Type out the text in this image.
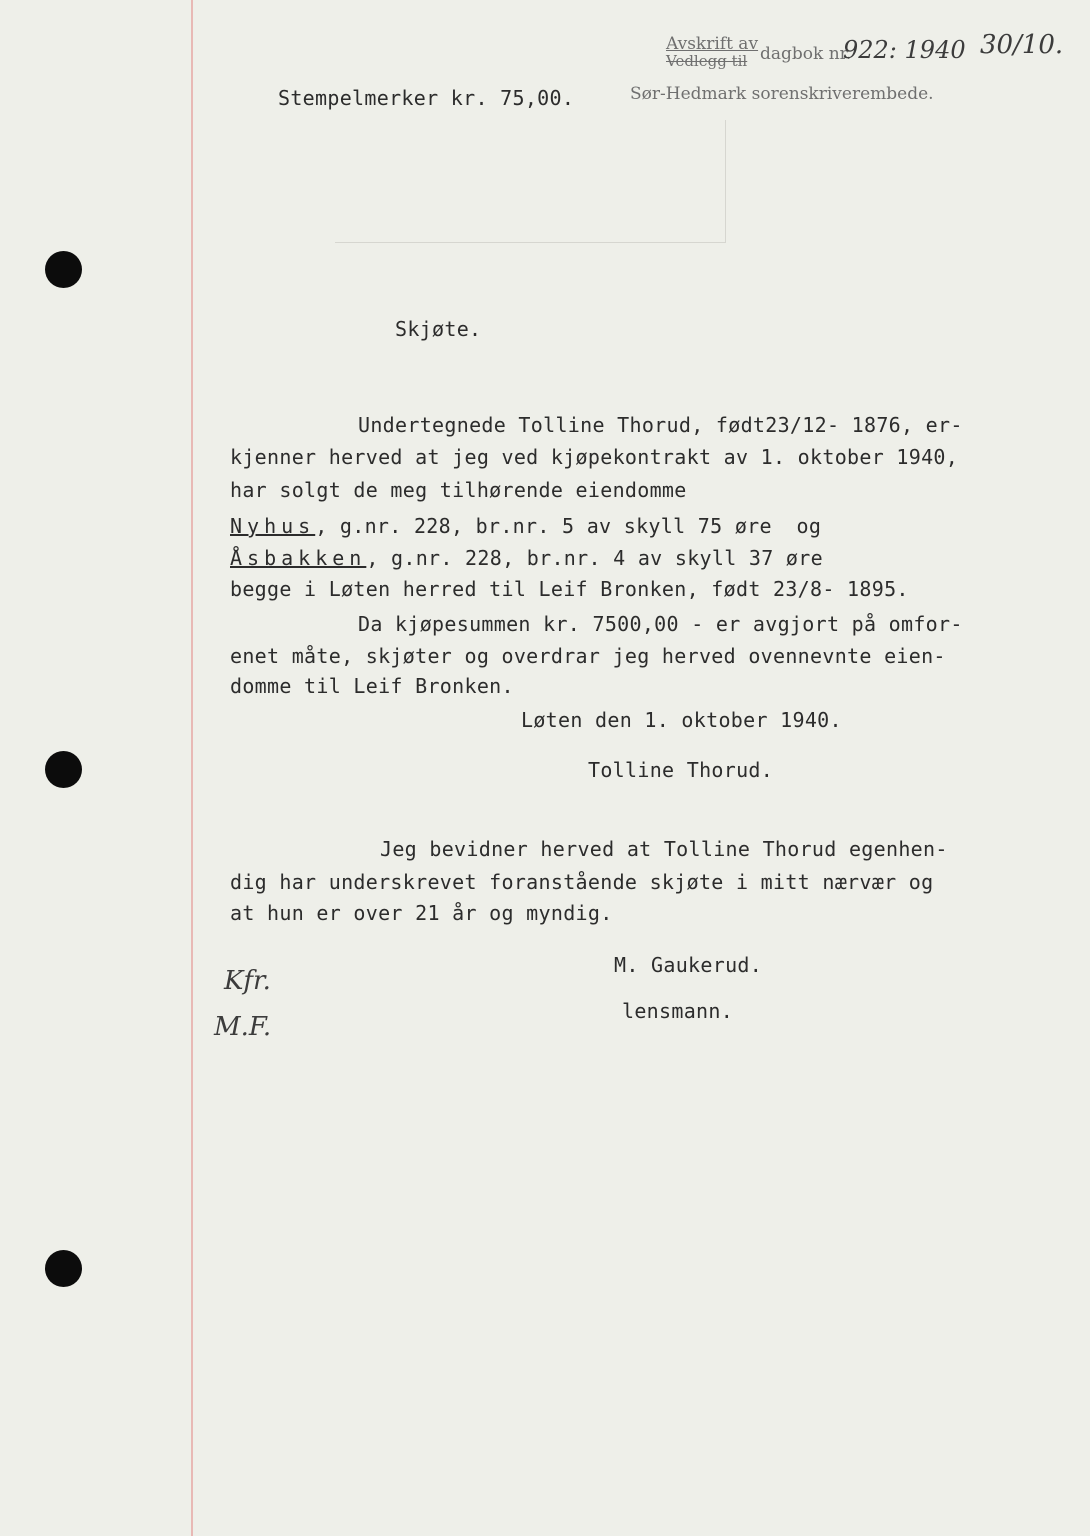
Avskrift av
Vedlegg til dagbok nr.
922: 1940 30/10.
Sør-Hedmark sorenskriverembede.
Stempelmerker kr. 75,00.
Skjøte.
Undertegnede Tolline Thorud, født23/12- 1876, er-
kjenner herved at jeg ved kjøpekontrakt av 1. oktober 1940,
har solgt de meg tilhørende eiendomme
Nyhus, g.nr. 228, br.nr. 5 av skyll 75 øre  og
Åsbakken, g.nr. 228, br.nr. 4 av skyll 37 øre
begge i Løten herred til Leif Bronken, født 23/8- 1895.
Da kjøpesummen kr. 7500,00 - er avgjort på omfor-
enet måte, skjøter og overdrar jeg herved ovennevnte eien-
domme til Leif Bronken.
Løten den 1. oktober 1940.
Tolline Thorud.
Jeg bevidner herved at Tolline Thorud egenhen-
dig har underskrevet foranstående skjøte i mitt nærvær og
at hun er over 21 år og myndig.
M. Gaukerud.
lensmann.
Kfr.
M.F.
